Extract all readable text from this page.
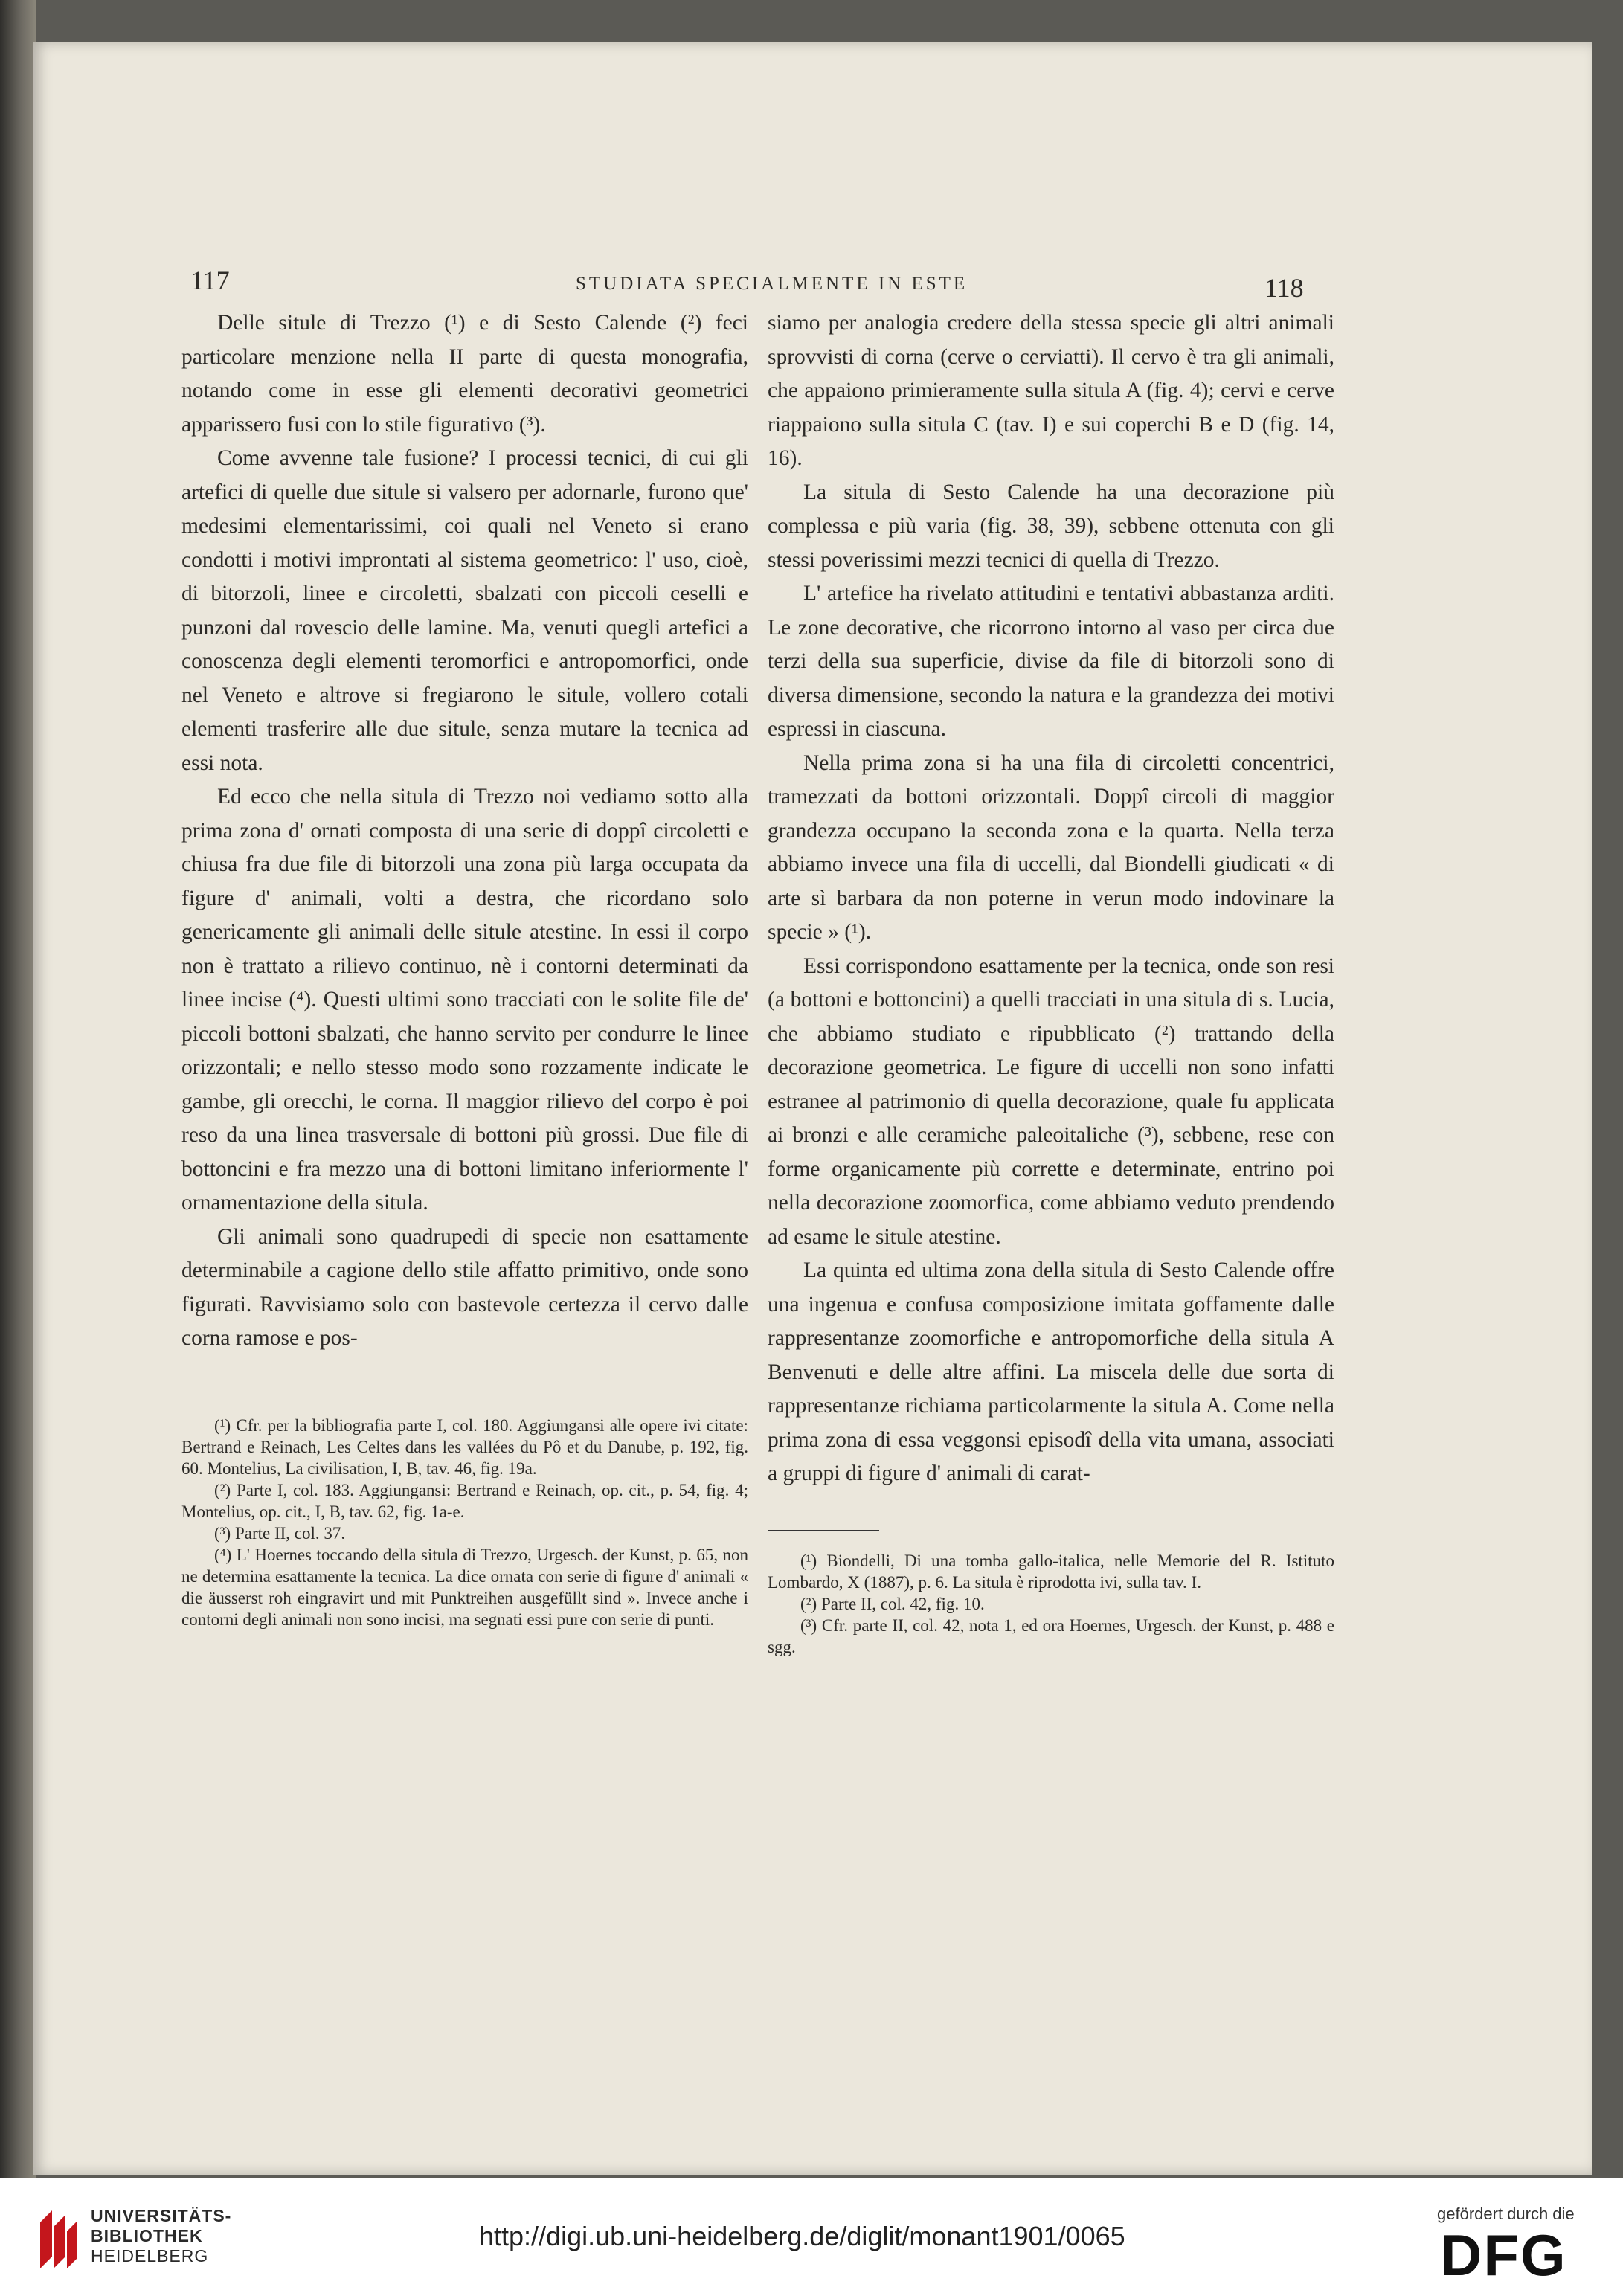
117	STUDIATA SPECIALMENTE IN ESTE	118
Delle situle di Trezzo (¹) e di Sesto Calende (²) feci particolare menzione nella II parte di questa monografia, notando come in esse gli elementi decorativi geometrici apparissero fusi con lo stile figurativo (³).
Come avvenne tale fusione? I processi tecnici, di cui gli artefici di quelle due situle si valsero per adornarle, furono que' medesimi elementarissimi, coi quali nel Veneto si erano condotti i motivi improntati al sistema geometrico: l' uso, cioè, di bitorzoli, linee e circoletti, sbalzati con piccoli ceselli e punzoni dal rovescio delle lamine. Ma, venuti quegli artefici a conoscenza degli elementi teromorfici e antropomorfici, onde nel Veneto e altrove si fregiarono le situle, vollero cotali elementi trasferire alle due situle, senza mutare la tecnica ad essi nota.
Ed ecco che nella situla di Trezzo noi vediamo sotto alla prima zona d' ornati composta di una serie di doppî circoletti e chiusa fra due file di bitorzoli una zona più larga occupata da figure d' animali, volti a destra, che ricordano solo genericamente gli animali delle situle atestine. In essi il corpo non è trattato a rilievo continuo, nè i contorni determinati da linee incise (⁴). Questi ultimi sono tracciati con le solite file de' piccoli bottoni sbalzati, che hanno servito per condurre le linee orizzontali; e nello stesso modo sono rozzamente indicate le gambe, gli orecchi, le corna. Il maggior rilievo del corpo è poi reso da una linea trasversale di bottoni più grossi. Due file di bottoncini e fra mezzo una di bottoni limitano inferiormente l' ornamentazione della situla.
Gli animali sono quadrupedi di specie non esattamente determinabile a cagione dello stile affatto primitivo, onde sono figurati. Ravvisiamo solo con bastevole certezza il cervo dalle corna ramose e pos-
(¹) Cfr. per la bibliografia parte I, col. 180. Aggiungansi alle opere ivi citate: Bertrand e Reinach, Les Celtes dans les vallées du Pô et du Danube, p. 192, fig. 60. Montelius, La civilisation, I, B, tav. 46, fig. 19a.
(²) Parte I, col. 183. Aggiungansi: Bertrand e Reinach, op. cit., p. 54, fig. 4; Montelius, op. cit., I, B, tav. 62, fig. 1a-e.
(³) Parte II, col. 37.
(⁴) L' Hoernes toccando della situla di Trezzo, Urgesch. der Kunst, p. 65, non ne determina esattamente la tecnica. La dice ornata con serie di figure d' animali « die äusserst roh eingravirt und mit Punktreihen ausgefüllt sind ». Invece anche i contorni degli animali non sono incisi, ma segnati essi pure con serie di punti.
siamo per analogia credere della stessa specie gli altri animali sprovvisti di corna (cerve o cerviatti). Il cervo è tra gli animali, che appaiono primieramente sulla situla A (fig. 4); cervi e cerve riappaiono sulla situla C (tav. I) e sui coperchi B e D (fig. 14, 16).
La situla di Sesto Calende ha una decorazione più complessa e più varia (fig. 38, 39), sebbene ottenuta con gli stessi poverissimi mezzi tecnici di quella di Trezzo.
L' artefice ha rivelato attitudini e tentativi abbastanza arditi. Le zone decorative, che ricorrono intorno al vaso per circa due terzi della sua superficie, divise da file di bitorzoli sono di diversa dimensione, secondo la natura e la grandezza dei motivi espressi in ciascuna.
Nella prima zona si ha una fila di circoletti concentrici, tramezzati da bottoni orizzontali. Doppî circoli di maggior grandezza occupano la seconda zona e la quarta. Nella terza abbiamo invece una fila di uccelli, dal Biondelli giudicati « di arte sì barbara da non poterne in verun modo indovinare la specie » (¹).
Essi corrispondono esattamente per la tecnica, onde son resi (a bottoni e bottoncini) a quelli tracciati in una situla di s. Lucia, che abbiamo studiato e ripubblicato (²) trattando della decorazione geometrica. Le figure di uccelli non sono infatti estranee al patrimonio di quella decorazione, quale fu applicata ai bronzi e alle ceramiche paleoitaliche (³), sebbene, rese con forme organicamente più corrette e determinate, entrino poi nella decorazione zoomorfica, come abbiamo veduto prendendo ad esame le situle atestine.
La quinta ed ultima zona della situla di Sesto Calende offre una ingenua e confusa composizione imitata goffamente dalle rappresentanze zoomorfiche e antropomorfiche della situla A Benvenuti e delle altre affini. La miscela delle due sorta di rappresentanze richiama particolarmente la situla A. Come nella prima zona di essa veggonsi episodî della vita umana, associati a gruppi di figure d' animali di carat-
(¹) Biondelli, Di una tomba gallo-italica, nelle Memorie del R. Istituto Lombardo, X (1887), p. 6. La situla è riprodotta ivi, sulla tav. I.
(²) Parte II, col. 42, fig. 10.
(³) Cfr. parte II, col. 42, nota 1, ed ora Hoernes, Urgesch. der Kunst, p. 488 e sgg.
UNIVERSITÄTS-
BIBLIOTHEK
HEIDELBERG
http://digi.ub.uni-heidelberg.de/diglit/monant1901/0065
gefördert durch die
DFG
